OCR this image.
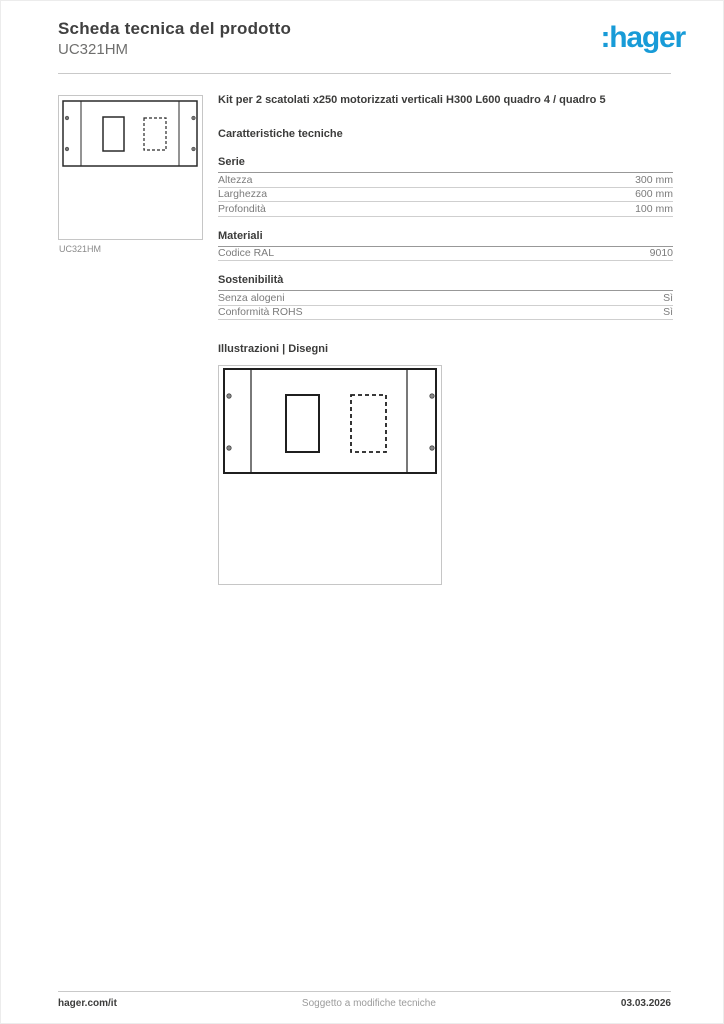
Scheda tecnica del prodotto
UC321HM	:hager
UC321HM
Kit per 2 scatolati x250 motorizzati verticali H300 L600 quadro 4 / quadro 5
Caratteristiche tecniche
Serie
Altezza	300 mm
Larghezza	600 mm
Profondità	100 mm
Materiali
Codice RAL	9010
Sostenibilità
Senza alogeni	Sì
Conformità ROHS	Sì
Illustrazioni | Disegni
hager.com/it	Soggetto a modifiche tecniche	03.03.2026
